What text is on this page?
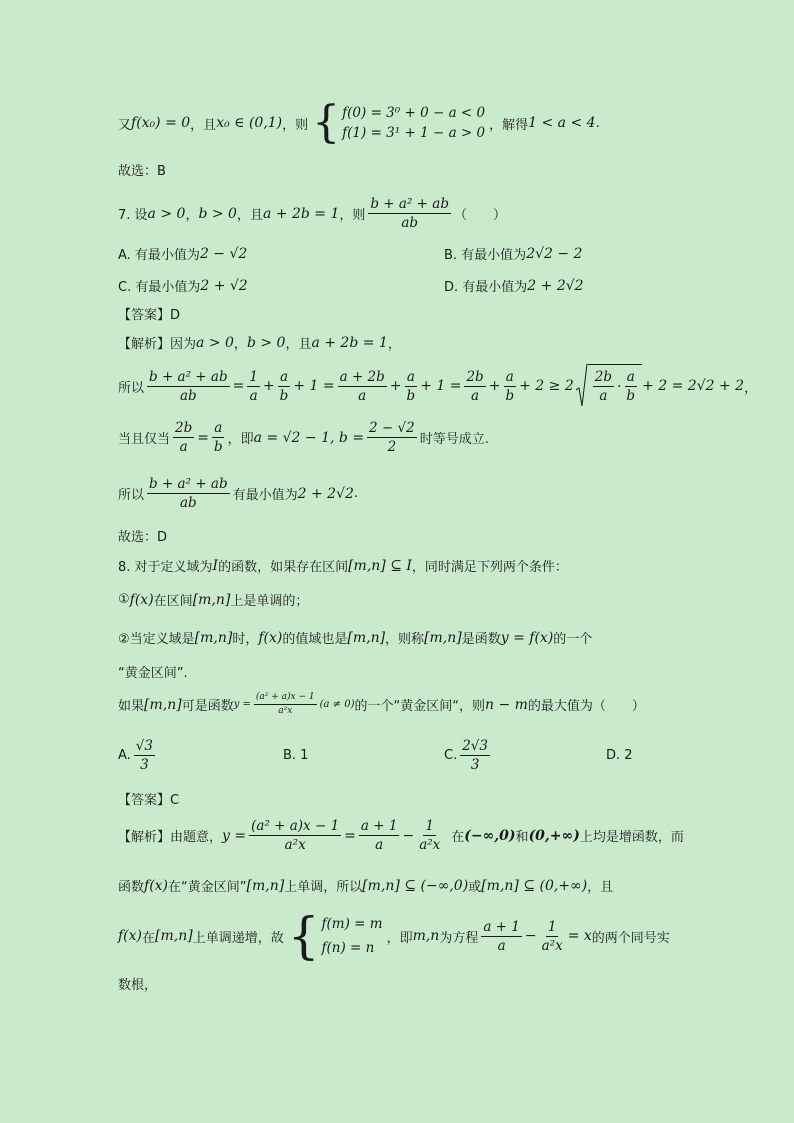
又 f(x₀) = 0 ，且 x₀ ∈ (0,1) ，则 { f(0) = 3⁰ + 0 − a < 0
f(1) = 3¹ + 1 − a > 0 ，解得 1 < a < 4 .
故选：B
7. 设 a > 0 ， b > 0 ，且 a + 2b = 1 ，则 $\frac{\text{b + a² + ab}}{ab}$ （　　）
A. 有最小值为 2 − √2	B. 有最小值为 2√2 − 2
C. 有最小值为 2 + √2	D. 有最小值为 2 + 2√2
【答案】D
【解析】 因为 a > 0 ， b > 0 ，且 a + 2b = 1 ，
所以 $\frac{\text{b + a² + ab}}{ab} = \frac{1}{a} + \frac{a}{b} + 1 = \frac{a + 2b}{a} + \frac{a}{b} + 1 = \frac{2b}{a} + \frac{a}{b} + 2 \ge 2 \frac{2b}{a} \cdot \frac{a}{b} + 2 = 2√2 + 2$ ，
当且仅当 $\frac{2b}{a} = \frac{a}{b}$ ，即 a = √2 − 1, $b = \frac{2 - √2}{2}$ 时等号成立.
所以 $\frac{\text{b + a² + ab}}{ab}$ 有最小值为 2 + 2√2 .
故选：D
8. 对于定义域为 I 的函数，如果存在区间 [m,n] ⊆ I ，同时满足下列两个条件：
① f(x) 在区间 [m,n] 上是单调的；
②当定义域是 [m,n] 时， f(x) 的值域也是 [m,n] ，则称 [m,n] 是函数 y = f(x) 的一个
“黄金区间”.
如果 [m,n] 可是函数 $y = \frac{\text{(a² + a)x − 1}}{\text{a²x}} (a \ne 0)$ 的一个“黄金区间“，则 n − m 的最大值为（　　）
A. $\frac{√3}{3}$	B. 1	C. $\frac{2√3}{3}$	D. 2
【答案】C
【解析】 由题意， $y = \frac{\text{(a² + a)x − 1}}{\text{a²x}} = \frac{a + 1}{a} - \frac{1}{\text{a²x}}$ 在 (−∞,0) 和 (0,+∞) 上均是增函数，而
函数 f(x) 在“黄金区间” [m,n] 上单调，所以 [m,n] ⊆ (−∞,0) 或 [m,n] ⊆ (0,+∞) ，且
f(x) 在 [m,n] 上单调递增，故 { f(m) = m
f(n) = n
，即 m,n 为方程 $\frac{a + 1}{a} - \frac{1}{\text{a²x}} = x$ 的两个同号实
数根，
